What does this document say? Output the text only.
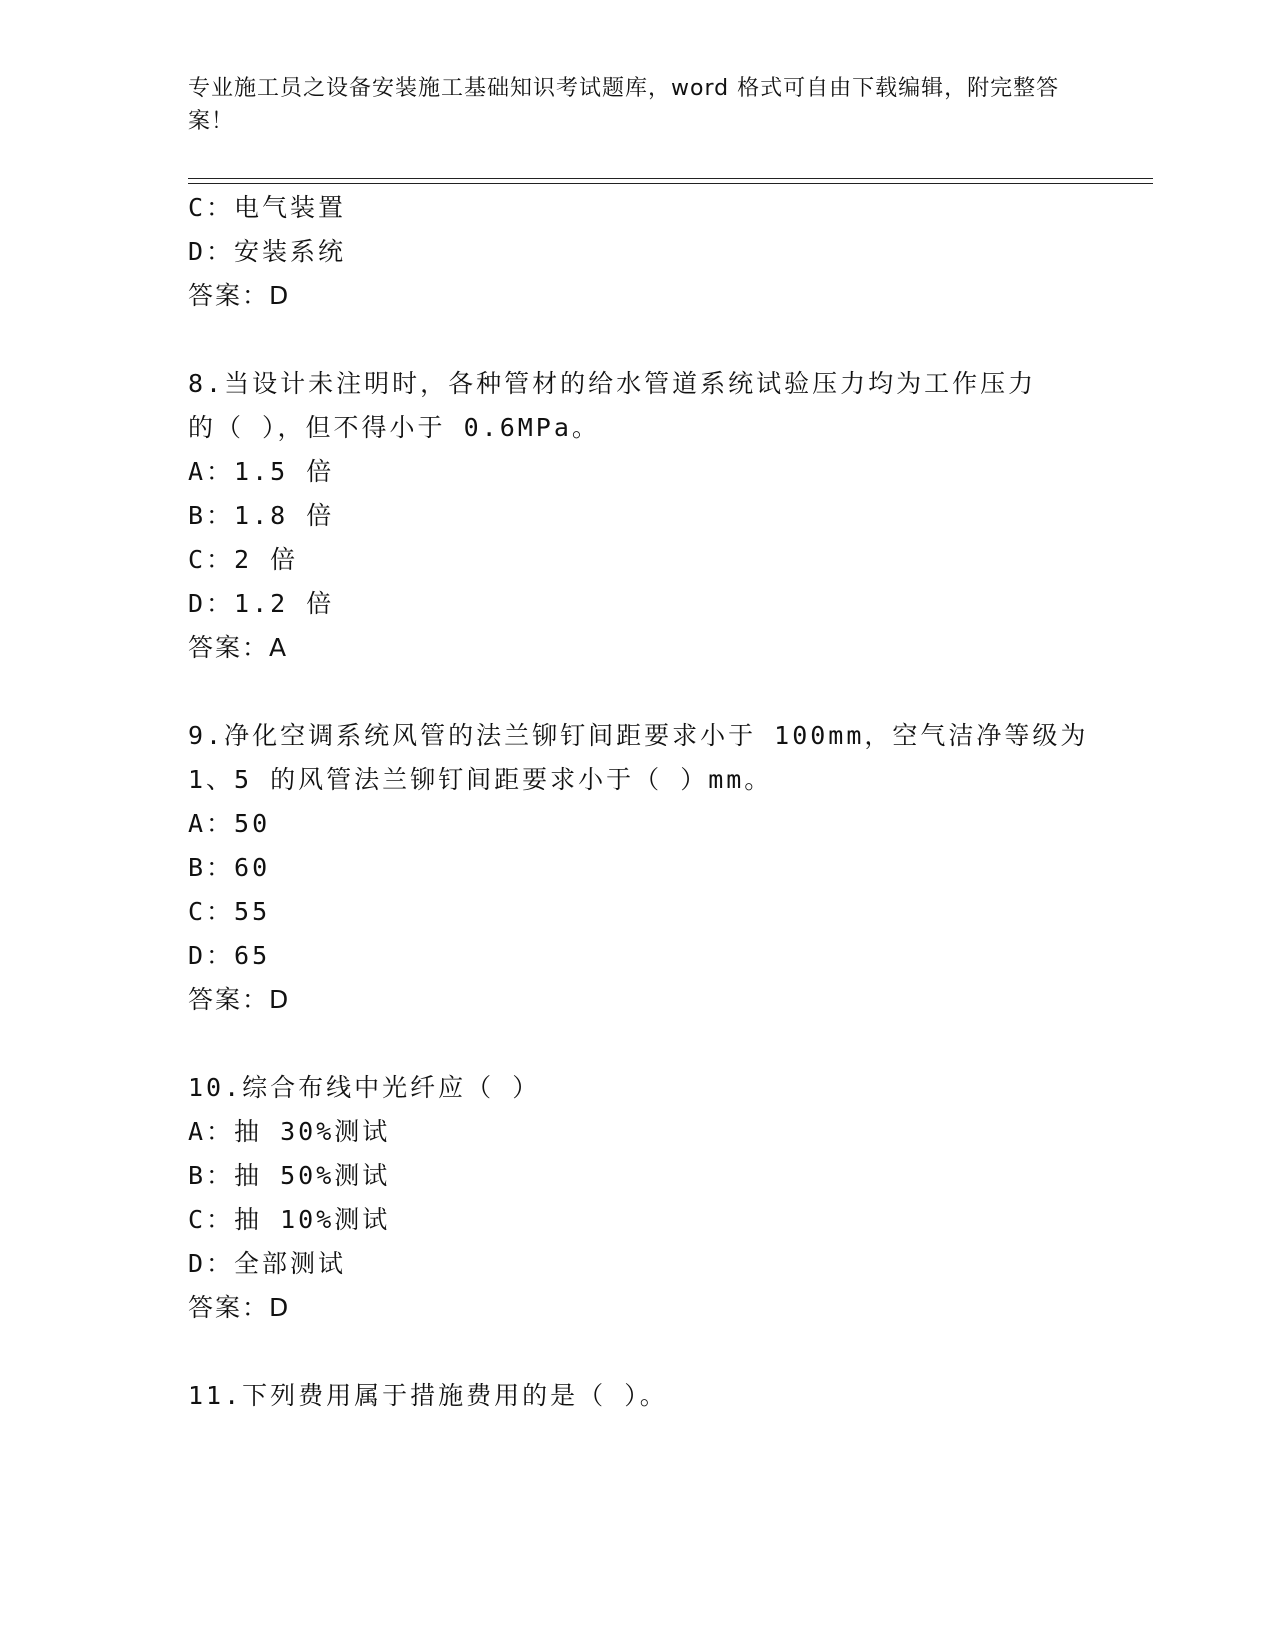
专业施工员之设备安装施工基础知识考试题库，word 格式可自由下载编辑，附完整答案！
C：电气装置
D：安装系统
答案：D
8.当设计未注明时，各种管材的给水管道系统试验压力均为工作压力
的（ ），但不得小于 0.6MPa。
A：1.5 倍
B：1.8 倍
C：2 倍
D：1.2 倍
答案：A
9.净化空调系统风管的法兰铆钉间距要求小于 100mm，空气洁净等级为
1、5 的风管法兰铆钉间距要求小于（ ）mm。
A：50
B：60
C：55
D：65
答案：D
10.综合布线中光纤应（ ）
A：抽 30%测试
B：抽 50%测试
C：抽 10%测试
D：全部测试
答案：D
11.下列费用属于措施费用的是（ ）。
